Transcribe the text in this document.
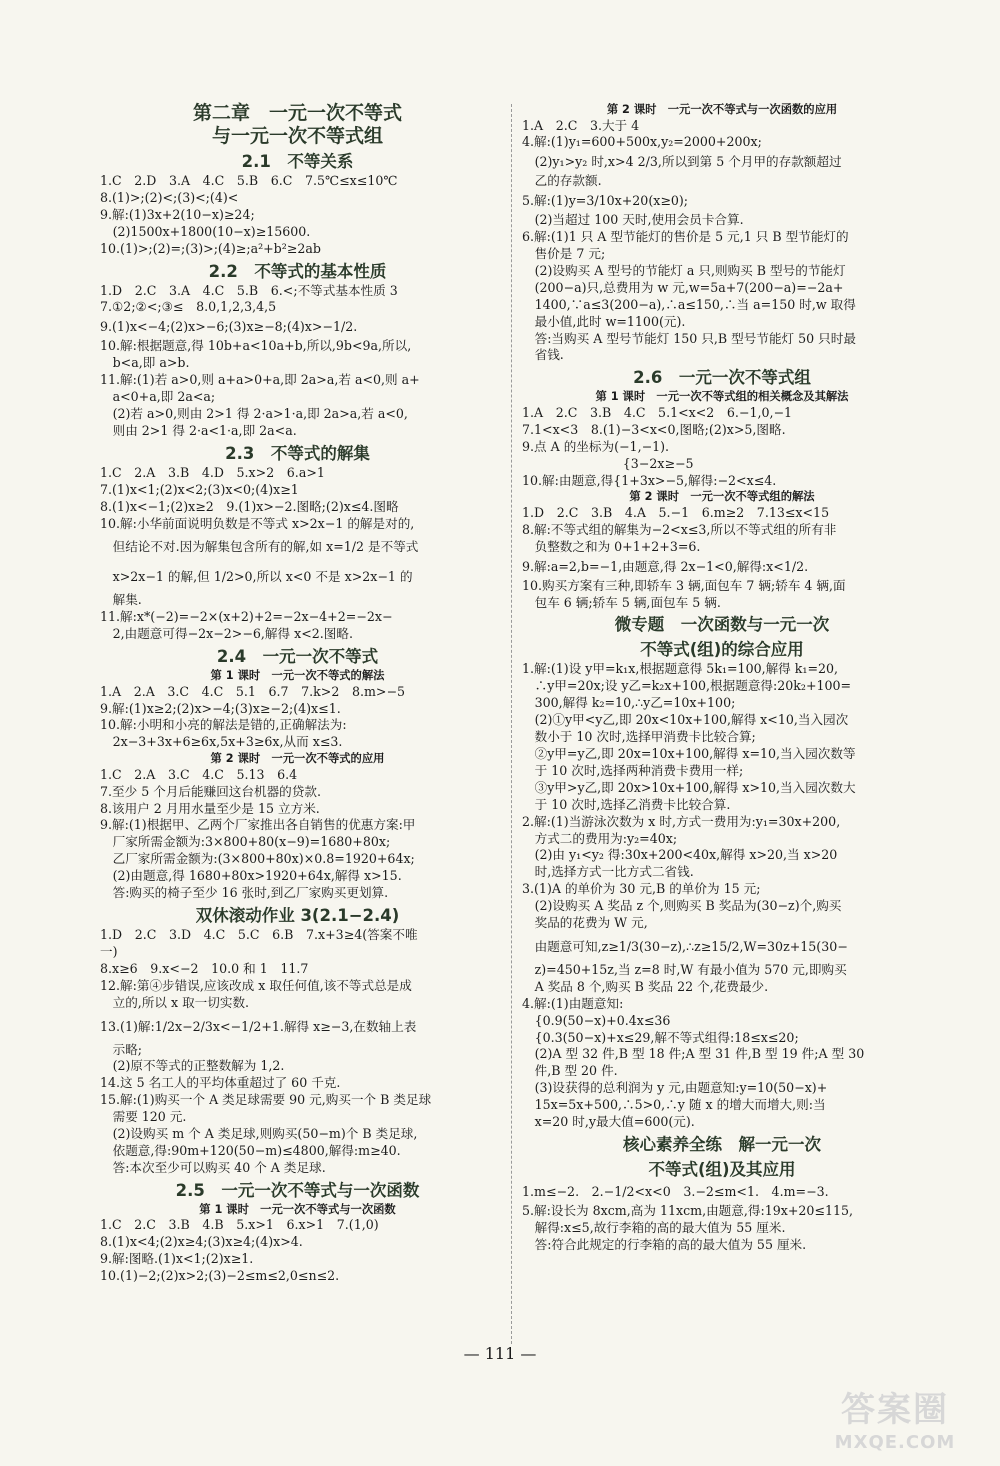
第二章　一元一次不等式
与一元一次不等式组
2.1　不等关系
1.C　2.D　3.A　4.C　5.B　6.C　7.5℃≤x≤10℃
8.(1)>;(2)<;(3)<;(4)<
9.解:(1)3x+2(10−x)≥24;
　(2)1500x+1800(10−x)≥15600.
10.(1)>;(2)=;(3)>;(4)≥;a²+b²≥2ab
2.2　不等式的基本性质
1.D　2.C　3.A　4.C　5.B　6.<;不等式基本性质 3
7.①2;②<;③≤　8.0,1,2,3,4,5
9.(1)x<−4;(2)x>−6;(3)x≥−8;(4)x>−1/2.
10.解:根据题意,得 10b+a<10a+b,所以,9b<9a,所以,
　b<a,即 a>b.
11.解:(1)若 a>0,则 a+a>0+a,即 2a>a,若 a<0,则 a+
　a<0+a,即 2a<a;
　(2)若 a>0,则由 2>1 得 2·a>1·a,即 2a>a,若 a<0,
　则由 2>1 得 2·a<1·a,即 2a<a.
2.3　不等式的解集
1.C　2.A　3.B　4.D　5.x>2　6.a>1
7.(1)x<1;(2)x<2;(3)x<0;(4)x≥1
8.(1)x<−1;(2)x≥2　9.(1)x>−2.图略;(2)x≤4.图略
10.解:小华前面说明负数是不等式 x>2x−1 的解是对的,
　但结论不对.因为解集包含所有的解,如 x=1/2 是不等式
　x>2x−1 的解,但 1/2>0,所以 x<0 不是 x>2x−1 的
　解集.
11.解:x*(−2)=−2×(x+2)+2=−2x−4+2=−2x−
　2,由题意可得−2x−2>−6,解得 x<2.图略.
2.4　一元一次不等式
第 1 课时　一元一次不等式的解法
1.A　2.A　3.C　4.C　5.1　6.7　7.k>2　8.m>−5
9.解:(1)x≥2;(2)x>−4;(3)x≥−2;(4)x≤1.
10.解:小明和小亮的解法是错的,正确解法为:
　2x−3+3x+6≥6x,5x+3≥6x,从而 x≤3.
第 2 课时　一元一次不等式的应用
1.C　2.A　3.C　4.C　5.13　6.4
7.至少 5 个月后能赚回这台机器的贷款.
8.该用户 2 月用水量至少是 15 立方米.
9.解:(1)根据甲、乙两个厂家推出各自销售的优惠方案:甲
　厂家所需金额为:3×800+80(x−9)=1680+80x;
　乙厂家所需金额为:(3×800+80x)×0.8=1920+64x;
　(2)由题意,得 1680+80x>1920+64x,解得 x>15.
　答:购买的椅子至少 16 张时,到乙厂家购买更划算.
双休滚动作业 3(2.1−2.4)
1.D　2.C　3.D　4.C　5.C　6.B　7.x+3≥4(答案不唯
一)
8.x≥6　9.x<−2　10.0 和 1　11.7
12.解:第④步错误,应该改成 x 取任何值,该不等式总是成
　立的,所以 x 取一切实数.
13.(1)解:1/2x−2/3x<−1/2+1.解得 x≥−3,在数轴上表
　示略;
　(2)原不等式的正整数解为 1,2.
14.这 5 名工人的平均体重超过了 60 千克.
15.解:(1)购买一个 A 类足球需要 90 元,购买一个 B 类足球
　需要 120 元.
　(2)设购买 m 个 A 类足球,则购买(50−m)个 B 类足球,
　依题意,得:90m+120(50−m)≤4800,解得:m≥40.
　答:本次至少可以购买 40 个 A 类足球.
2.5　一元一次不等式与一次函数
第 1 课时　一元一次不等式与一次函数
1.C　2.C　3.B　4.B　5.x>1　6.x>1　7.(1,0)
8.(1)x<4;(2)x≥4;(3)x≥4;(4)x>4.
9.解:图略.(1)x<1;(2)x≥1.
10.(1)−2;(2)x>2;(3)−2≤m≤2,0≤n≤2.
第 2 课时　一元一次不等式与一次函数的应用
1.A　2.C　3.大于 4
4.解:(1)y₁=600+500x,y₂=2000+200x;
　(2)y₁>y₂ 时,x>4 2/3,所以到第 5 个月甲的存款额超过
　乙的存款额.
5.解:(1)y=3/10x+20(x≥0);
　(2)当超过 100 天时,使用会员卡合算.
6.解:(1)1 只 A 型节能灯的售价是 5 元,1 只 B 型节能灯的
　售价是 7 元;
　(2)设购买 A 型号的节能灯 a 只,则购买 B 型号的节能灯
　(200−a)只,总费用为 w 元,w=5a+7(200−a)=−2a+
　1400,∵a≤3(200−a),∴a≤150,∴当 a=150 时,w 取得
　最小值,此时 w=1100(元).
　答:当购买 A 型号节能灯 150 只,B 型号节能灯 50 只时最
　省钱.
2.6　一元一次不等式组
第 1 课时　一元一次不等式组的相关概念及其解法
1.A　2.C　3.B　4.C　5.1<x<2　6.−1,0,−1
7.1<x<3　8.(1)−3<x<0,图略;(2)x>5,图略.
9.点 A 的坐标为(−1,−1).
　　　　　　　　{3−2x≥−5
10.解:由题意,得{1+3x>−5,解得:−2<x≤4.
第 2 课时　一元一次不等式组的解法
1.D　2.C　3.B　4.A　5.−1　6.m≥2　7.13≤x<15
8.解:不等式组的解集为−2<x≤3,所以不等式组的所有非
　负整数之和为 0+1+2+3=6.
9.解:a=2,b=−1,由题意,得 2x−1<0,解得:x<1/2.
10.购买方案有三种,即轿车 3 辆,面包车 7 辆;轿车 4 辆,面
　包车 6 辆;轿车 5 辆,面包车 5 辆.
微专题　一次函数与一元一次
不等式(组)的综合应用
1.解:(1)设 y甲=k₁x,根据题意得 5k₁=100,解得 k₁=20,
　∴y甲=20x;设 y乙=k₂x+100,根据题意得:20k₂+100=
　300,解得 k₂=10,∴y乙=10x+100;
　(2)①y甲<y乙,即 20x<10x+100,解得 x<10,当入园次
　数小于 10 次时,选择甲消费卡比较合算;
　②y甲=y乙,即 20x=10x+100,解得 x=10,当入园次数等
　于 10 次时,选择两种消费卡费用一样;
　③y甲>y乙,即 20x>10x+100,解得 x>10,当入园次数大
　于 10 次时,选择乙消费卡比较合算.
2.解:(1)当游泳次数为 x 时,方式一费用为:y₁=30x+200,
　方式二的费用为:y₂=40x;
　(2)由 y₁<y₂ 得:30x+200<40x,解得 x>20,当 x>20
　时,选择方式一比方式二省钱.
3.(1)A 的单价为 30 元,B 的单价为 15 元;
　(2)设购买 A 奖品 z 个,则购买 B 奖品为(30−z)个,购买
　奖品的花费为 W 元,
　由题意可知,z≥1/3(30−z),∴z≥15/2,W=30z+15(30−
　z)=450+15z,当 z=8 时,W 有最小值为 570 元,即购买
　A 奖品 8 个,购买 B 奖品 22 个,花费最少.
4.解:(1)由题意知:
　{0.9(50−x)+0.4x≤36
　{0.3(50−x)+x≤29,解不等式组得:18≤x≤20;
　(2)A 型 32 件,B 型 18 件;A 型 31 件,B 型 19 件;A 型 30
　件,B 型 20 件.
　(3)设获得的总利润为 y 元,由题意知:y=10(50−x)+
　15x=5x+500,∴5>0,∴y 随 x 的增大而增大,则:当
　x=20 时,y最大值=600(元).
核心素养全练　解一元一次
不等式(组)及其应用
1.m≤−2.　2.−1/2<x<0　3.−2≤m<1.　4.m=−3.
5.解:设长为 8xcm,高为 11xcm,由题意,得:19x+20≤115,
　解得:x≤5,故行李箱的高的最大值为 55 厘米.
　答:符合此规定的行李箱的高的最大值为 55 厘米.
— 111 —
答案圈
MXQE.COM
